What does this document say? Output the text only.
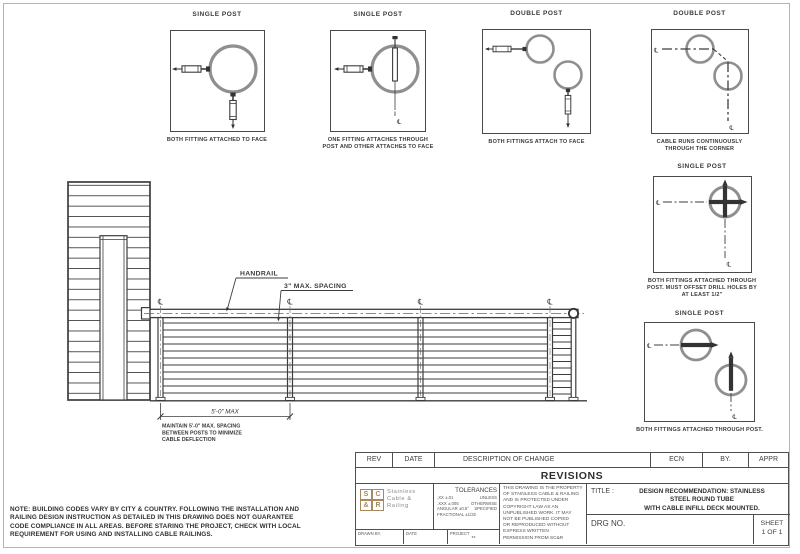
SINGLE POST
BOTH FITTING ATTACHED TO FACE
SINGLE POST
℄
ONE FITTING ATTACHES THROUGH
POST AND OTHER ATTACHES TO FACE
DOUBLE POST
BOTH FITTINGS ATTACH TO FACE
DOUBLE POST
℄
℄
CABLE RUNS CONTINUOUSLY
THROUGH THE CORNER
SINGLE POST
℄
℄
BOTH FITTINGS ATTACHED THROUGH
POST. MUST OFFSET DRILL HOLES BY
AT LEAST 1/2"
SINGLE POST
℄
℄
BOTH FITTINGS ATTACHED THROUGH POST.
℄	℄	℄	℄
HANDRAIL
3" MAX. SPACING
5'-0" MAX
MAINTAIN 5'-0" MAX. SPACING
BETWEEN POSTS TO MINIMIZE
CABLE DEFLECTION
NOTE: BUILDING CODES VARY BY CITY & COUNTRY. FOLLOWING THE INSTALLATION AND
RAILING DESIGN INSTRUCTION AS DETAILED IN THIS DRAWING DOES NOT GUARANTEE
CODE COMPLIANCE IN ALL AREAS. BEFORE STARING THE PROJECT, CHECK WITH LOCAL
REQUIREMENT FOR USING AND INSTALLING CABLE RAILINGS.
REV	DATE	DESCRIPTION OF CHANGE	ECN	BY.	APPR
REVISIONS
S	C
& R
Stainless
Cable &
Railing
TOLERANCES
.XX ±.01	UNLESS
.XXX ±.005	OTHERWISE
ANGULAR ±0.5° SPECIFIED
FRACTIONAL ±1/32
THIS DRAWING IS THE PROPERTY
OF STAINLESS CABLE & RAILING
AND IS PROTECTED UNDER
COPYRIGHT LAW AS AN
UNPUBLISHED WORK. IT MAY
NOT BE PUBLISHED COPIED
OR REPRODUCED WITHOUT
EXPRESS WRITTEN
PERMISSION FROM SC&R
DRAWN BY.	DATE	PROJECT
**
TITLE :	DESIGN RECOMMENDATION: STAINLESS
STEEL ROUND TUBE
WITH CABLE INFILL DECK MOUNTED.
DRG NO.	SHEET
1 OF 1
